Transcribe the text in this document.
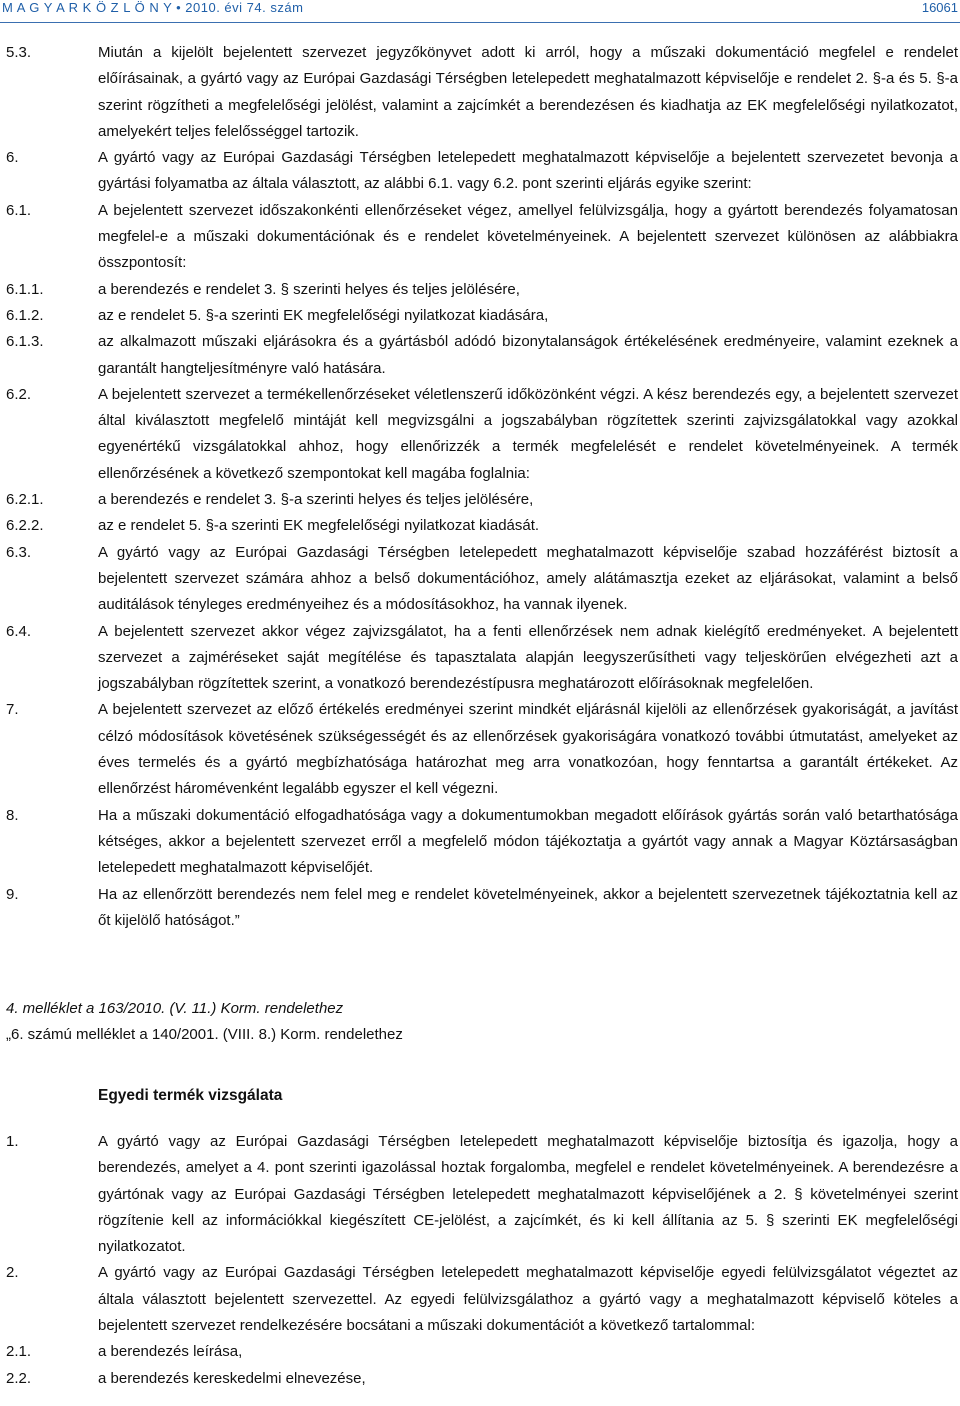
M A G Y A R K Ö Z L Ö N Y • 2010. évi 74. szám	16061
5.3.	Miután a kijelölt bejelentett szervezet jegyzőkönyvet adott ki arról, hogy a műszaki dokumentáció megfelel e rendelet előírásainak, a gyártó vagy az Európai Gazdasági Térségben letelepedett meghatalmazott képviselője e rendelet 2. §-a és 5. §-a szerint rögzítheti a megfelelőségi jelölést, valamint a zajcímkét a berendezésen és kiadhatja az EK megfelelőségi nyilatkozatot, amelyekért teljes felelősséggel tartozik.
6.	A gyártó vagy az Európai Gazdasági Térségben letelepedett meghatalmazott képviselője a bejelentett szervezetet bevonja a gyártási folyamatba az általa választott, az alábbi 6.1. vagy 6.2. pont szerinti eljárás egyike szerint:
6.1.	A bejelentett szervezet időszakonkénti ellenőrzéseket végez, amellyel felülvizsgálja, hogy a gyártott berendezés folyamatosan megfelel-e a műszaki dokumentációnak és e rendelet követelményeinek. A bejelentett szervezet különösen az alábbiakra összpontosít:
6.1.1.	a berendezés e rendelet 3. § szerinti helyes és teljes jelölésére,
6.1.2.	az e rendelet 5. §-a szerinti EK megfelelőségi nyilatkozat kiadására,
6.1.3.	az alkalmazott műszaki eljárásokra és a gyártásból adódó bizonytalanságok értékelésének eredményeire, valamint ezeknek a garantált hangteljesítményre való hatására.
6.2.	A bejelentett szervezet a termékellenőrzéseket véletlenszerű időközönként végzi. A kész berendezés egy, a bejelentett szervezet által kiválasztott megfelelő mintáját kell megvizsgálni a jogszabályban rögzítettek szerinti zajvizsgálatokkal vagy azokkal egyenértékű vizsgálatokkal ahhoz, hogy ellenőrizzék a termék megfelelését e rendelet követelményeinek. A termék ellenőrzésének a következő szempontokat kell magába foglalnia:
6.2.1.	a berendezés e rendelet 3. §-a szerinti helyes és teljes jelölésére,
6.2.2.	az e rendelet 5. §-a szerinti EK megfelelőségi nyilatkozat kiadását.
6.3.	A gyártó vagy az Európai Gazdasági Térségben letelepedett meghatalmazott képviselője szabad hozzáférést biztosít a bejelentett szervezet számára ahhoz a belső dokumentációhoz, amely alátámasztja ezeket az eljárásokat, valamint a belső auditálások tényleges eredményeihez és a módosításokhoz, ha vannak ilyenek.
6.4.	A bejelentett szervezet akkor végez zajvizsgálatot, ha a fenti ellenőrzések nem adnak kielégítő eredményeket. A bejelentett szervezet a zajméréseket saját megítélése és tapasztalata alapján leegyszerűsítheti vagy teljeskörűen elvégezheti azt a jogszabályban rögzítettek szerint, a vonatkozó berendezéstípusra meghatározott előírásoknak megfelelően.
7.	A bejelentett szervezet az előző értékelés eredményei szerint mindkét eljárásnál kijelöli az ellenőrzések gyakoriságát, a javítást célzó módosítások követésének szükségességét és az ellenőrzések gyakoriságára vonatkozó további útmutatást, amelyeket az éves termelés és a gyártó megbízhatósága határozhat meg arra vonatkozóan, hogy fenntartsa a garantált értékeket. Az ellenőrzést háromévenként legalább egyszer el kell végezni.
8.	Ha a műszaki dokumentáció elfogadhatósága vagy a dokumentumokban megadott előírások gyártás során való betarthatósága kétséges, akkor a bejelentett szervezet erről a megfelelő módon tájékoztatja a gyártót vagy annak a Magyar Köztársaságban letelepedett meghatalmazott képviselőjét.
9.	Ha az ellenőrzött berendezés nem felel meg e rendelet követelményeinek, akkor a bejelentett szervezetnek tájékoztatnia kell az őt kijelölő hatóságot.”
4. melléklet a 163/2010. (V. 11.) Korm. rendelethez
„6. számú melléklet a 140/2001. (VIII. 8.) Korm. rendelethez
Egyedi termék vizsgálata
1.	A gyártó vagy az Európai Gazdasági Térségben letelepedett meghatalmazott képviselője biztosítja és igazolja, hogy a berendezés, amelyet a 4. pont szerinti igazolással hoztak forgalomba, megfelel e rendelet követelményeinek. A berendezésre a gyártónak vagy az Európai Gazdasági Térségben letelepedett meghatalmazott képviselőjének a 2. § követelményei szerint rögzítenie kell az információkkal kiegészített CE-jelölést, a zajcímkét, és ki kell állítania az 5. § szerinti EK megfelelőségi nyilatkozatot.
2.	A gyártó vagy az Európai Gazdasági Térségben letelepedett meghatalmazott képviselője egyedi felülvizsgálatot végeztet az általa választott bejelentett szervezettel. Az egyedi felülvizsgálathoz a gyártó vagy a meghatalmazott képviselő köteles a bejelentett szervezet rendelkezésére bocsátani a műszaki dokumentációt a következő tartalommal:
2.1.	a berendezés leírása,
2.2.	a berendezés kereskedelmi elnevezése,
